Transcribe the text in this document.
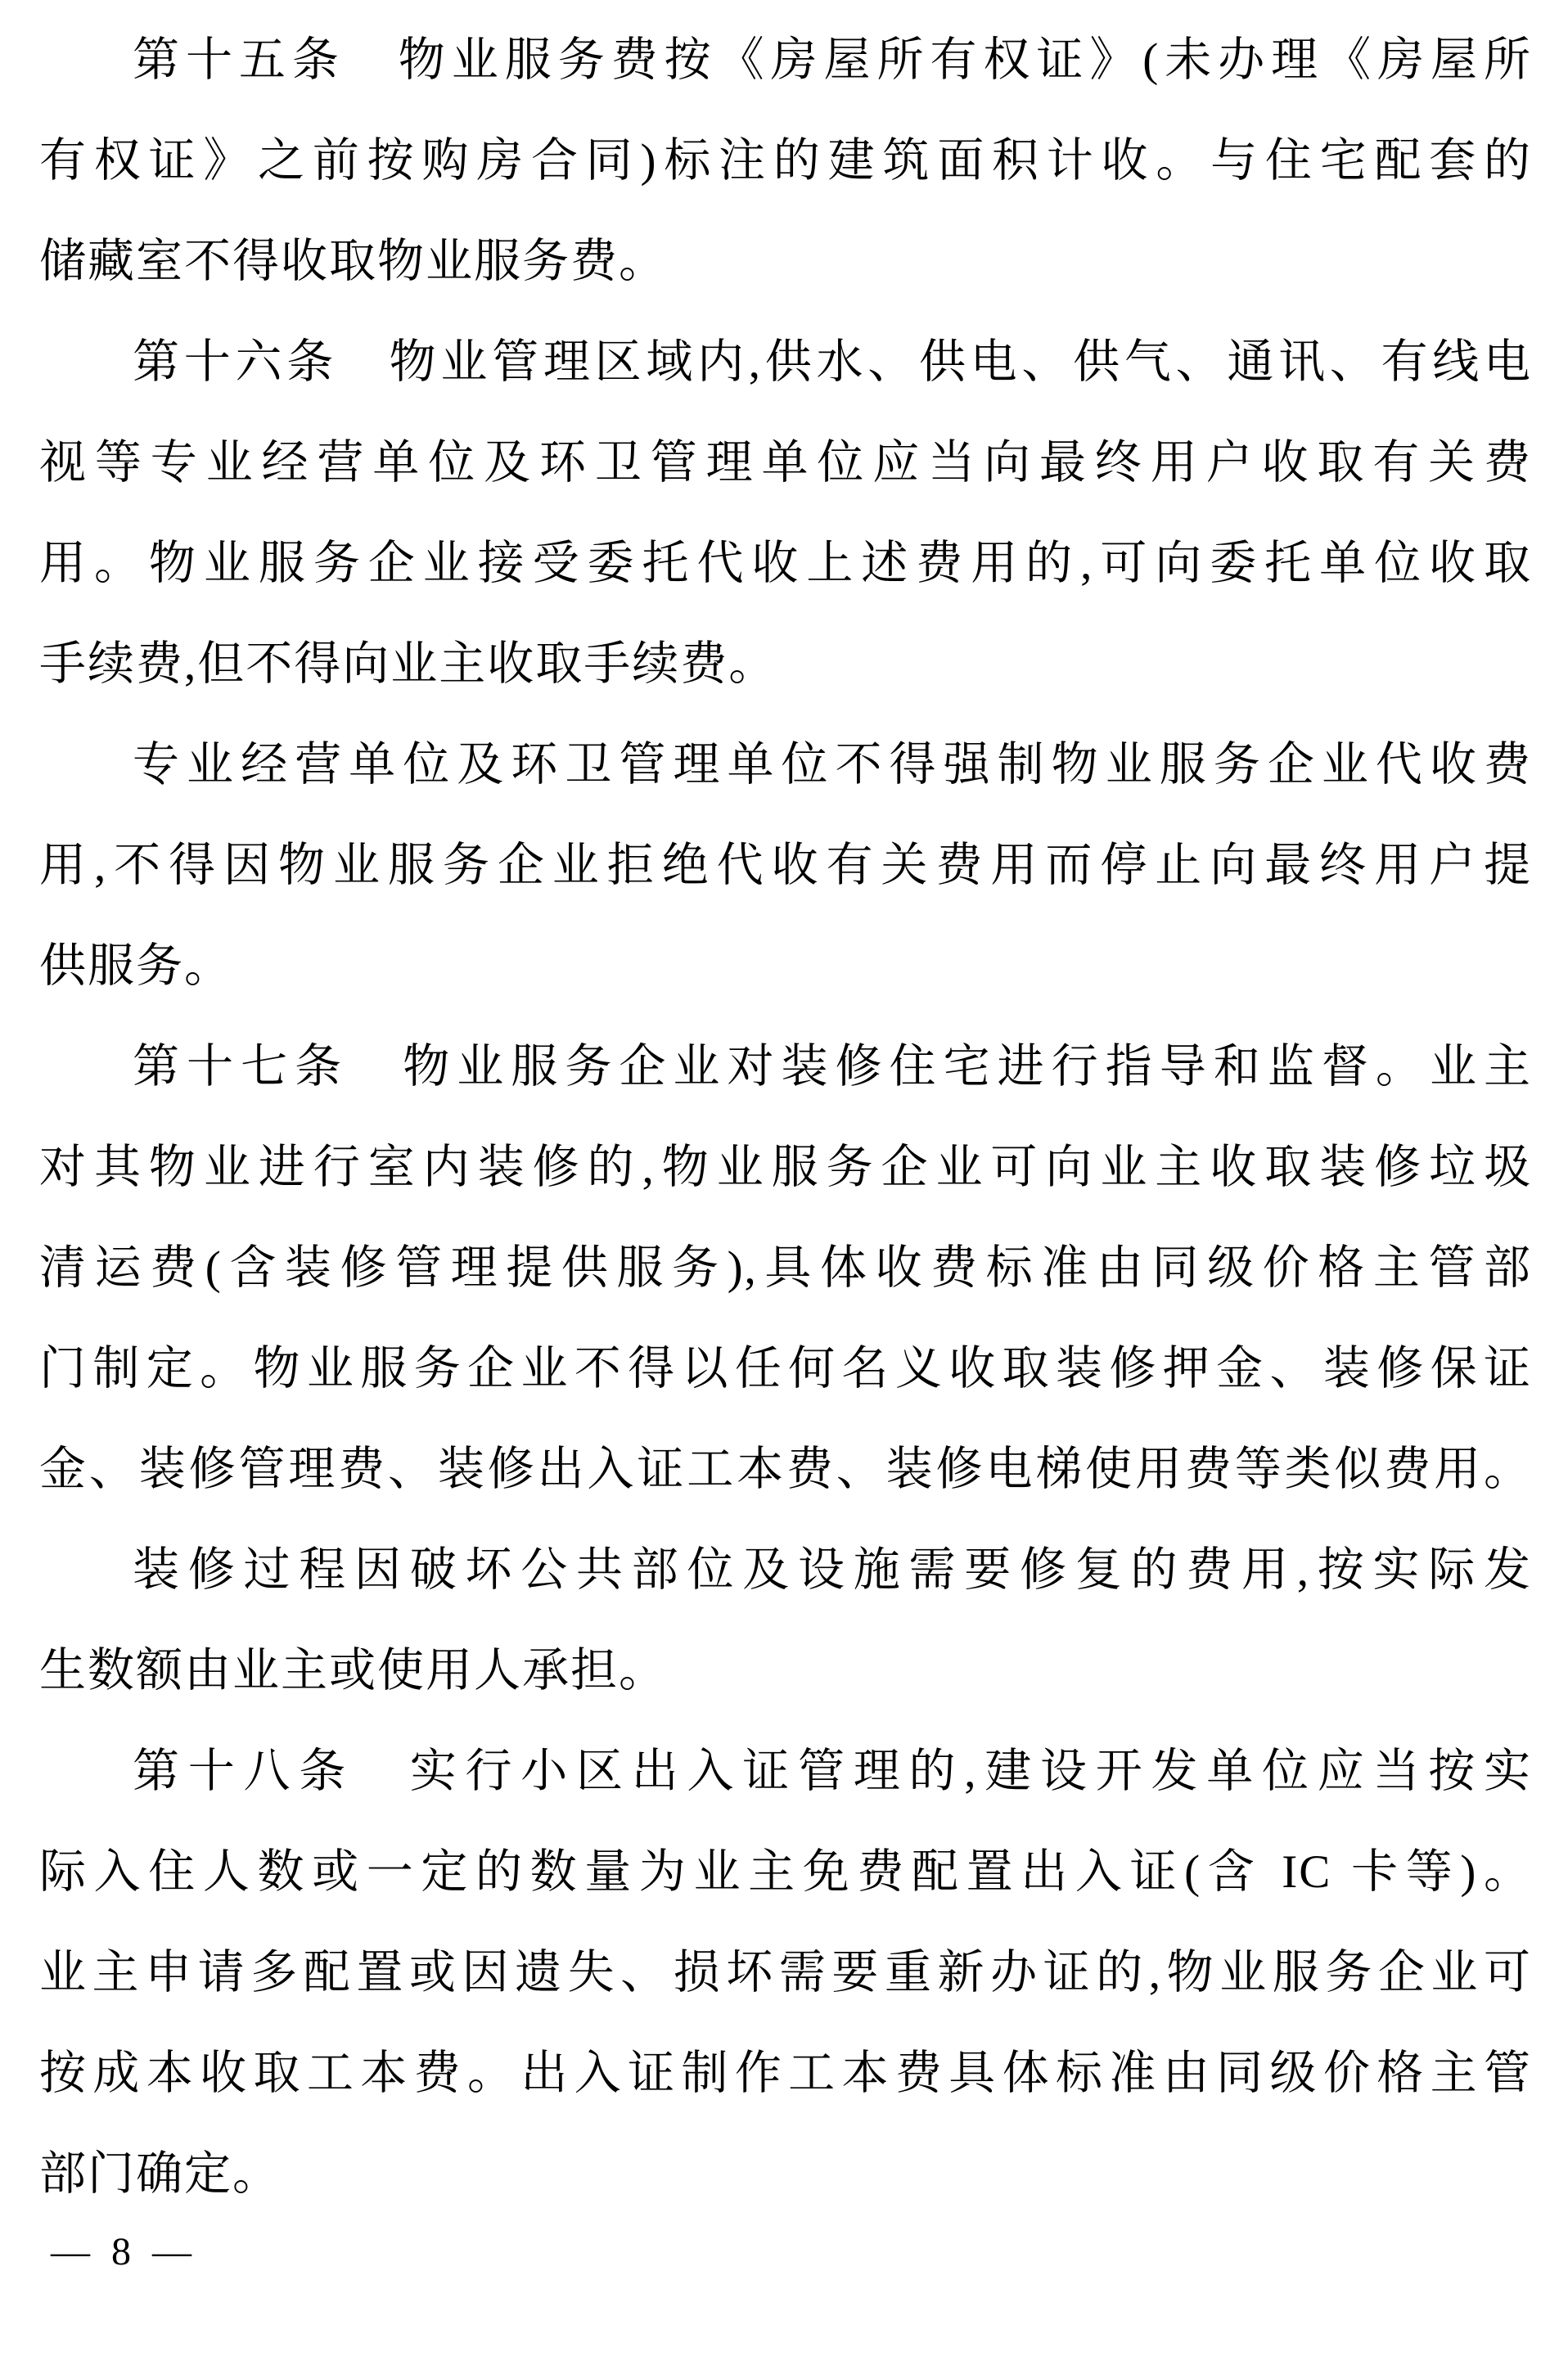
第十五条　物业服务费按《房屋所有权证》(未办理《房屋所
有权证》之前按购房合同)标注的建筑面积计收。与住宅配套的
储藏室不得收取物业服务费。
第十六条　物业管理区域内,供水、供电、供气、通讯、有线电
视等专业经营单位及环卫管理单位应当向最终用户收取有关费
用。物业服务企业接受委托代收上述费用的,可向委托单位收取
手续费,但不得向业主收取手续费。
专业经营单位及环卫管理单位不得强制物业服务企业代收费
用,不得因物业服务企业拒绝代收有关费用而停止向最终用户提
供服务。
第十七条　物业服务企业对装修住宅进行指导和监督。业主
对其物业进行室内装修的,物业服务企业可向业主收取装修垃圾
清运费(含装修管理提供服务),具体收费标准由同级价格主管部
门制定。物业服务企业不得以任何名义收取装修押金、装修保证
金、装修管理费、装修出入证工本费、装修电梯使用费等类似费用。
装修过程因破坏公共部位及设施需要修复的费用,按实际发
生数额由业主或使用人承担。
第十八条　实行小区出入证管理的,建设开发单位应当按实
际入住人数或一定的数量为业主免费配置出入证(含 IC 卡等)。
业主申请多配置或因遗失、损坏需要重新办证的,物业服务企业可
按成本收取工本费。出入证制作工本费具体标准由同级价格主管
部门确定。
— 8 —
